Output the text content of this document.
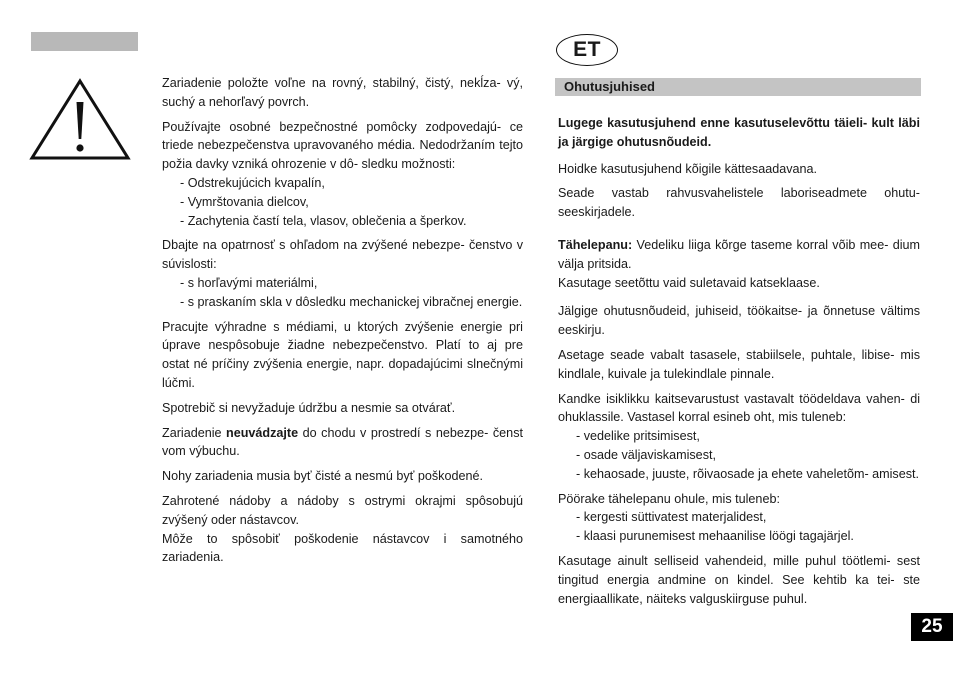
ET
Ohutusjuhised

Zariadenie položte voľne na rovný, stabilný, čistý, nekĺza- vý, suchý a nehorľavý povrch.

Používajte osobné bezpečnostné pomôcky zodpovedajú- ce triede nebezpečenstva upravovaného média. Nedodržaním tejto požia davky vzniká ohrozenie v dô- sledku možnosti:

- Odstrekujúcich kvapalín,
- Vymrštovania dielcov,
- Zachytenia častí tela, vlasov, oblečenia a šperkov.

Dbajte na opatrnosť s ohľadom na zvýšené nebezpe- čenstvo v súvislosti:

- s horľavými materiálmi,
- s praskaním skla v dôsledku mechanickej vibračnej energie.

Pracujte výhradne s médiami, u ktorých zvýšenie energie pri úprave nespôsobuje žiadne nebezpečenstvo. Platí to aj pre ostat né príčiny zvýšenia energie, napr. dopadajúcimi slnečnými lúčmi.

Spotrebič si nevyžaduje údržbu a nesmie sa otvárať.

Zariadenie neuvádzajte do chodu v prostredí s nebezpe- čenst vom výbuchu.

Nohy zariadenia musia byť čisté a nesmú byť poškodené.

Zahrotené nádoby a nádoby s ostrymi okrajmi spôsobujú zvýšený oder nástavcov.

Môže to spôsobiť poškodenie nástavcov i samotného zariadenia.

Lugege kasutusjuhend enne kasutuselevõttu täieli- kult läbi ja järgige ohutusnõudeid.

Hoidke kasutusjuhend kõigile kättesaadavana.

Seade vastab rahvusvahelistele laboriseadmete ohutu- seeskirjadele.

Tähelepanu: Vedeliku liiga kõrge taseme korral võib mee- dium välja pritsida.

Kasutage seetõttu vaid suletavaid katseklaase.

Jälgige ohutusnõudeid, juhiseid, töökaitse- ja õnnetuse vältims eeskirju.

Asetage seade vabalt tasasele, stabiilsele, puhtale, libise- mis kindlale, kuivale ja tulekindlale pinnale.

Kandke isiklikku kaitsevarustust vastavalt töödeldava vahen- di ohuklassile. Vastasel korral esineb oht, mis tuleneb:

- vedelike pritsimisest,
- osade väljaviskamisest,
- kehaosade, juuste, rõivaosade ja ehete vaheletõm- amisest.

Pöörake tähelepanu ohule, mis tuleneb:

- kergesti süttivatest materjalidest,
- klaasi purunemisest mehaanilise löögi tagajärjel.

Kasutage ainult selliseid vahendeid, mille puhul töötlemi- sest tingitud energia andmine on kindel. See kehtib ka tei- ste energiaallikate, näiteks valguskiirguse puhul.

25
